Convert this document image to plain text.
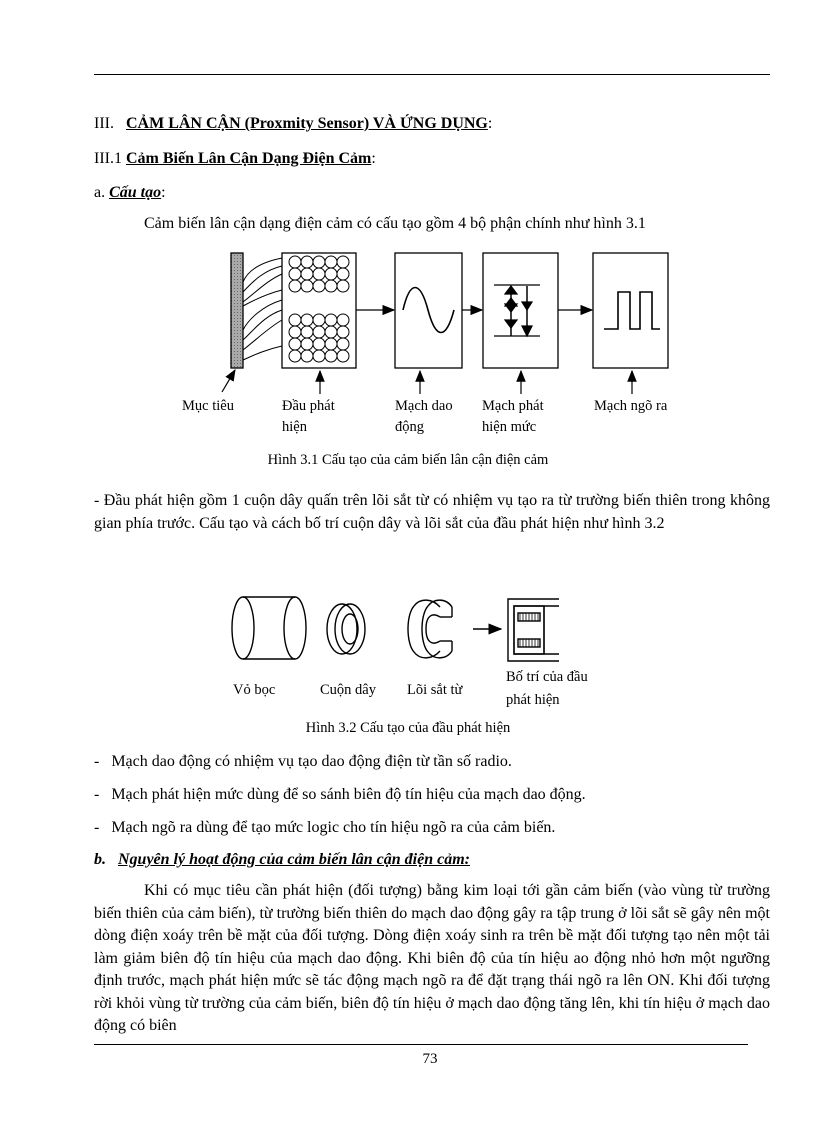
III. CẢM LÂN CẬN (Proxmity Sensor) VÀ ỨNG DỤNG:

III.1 Cảm Biến Lân Cận Dạng Điện Cảm:

a. Cấu tạo:

Cảm biến lân cận dạng điện cảm có cấu tạo gồm 4 bộ phận chính như hình 3.1

Mục tiêu	Đầu phát
hiện
Mạch dao
động
Mạch phát
hiện mức
Mạch ngõ ra
Hình 3.1 Cấu tạo của cảm biến lân cận điện cảm

- Đầu phát hiện gồm 1 cuộn dây quấn trên lõi sắt từ có nhiệm vụ tạo ra từ trường biến thiên trong không gian phía trước. Cấu tạo và cách bố trí cuộn dây và lõi sắt của đầu phát hiện như hình 3.2

Vỏ bọc	Cuộn dây Lõi sắt từ
Bố trí của đầu
phát hiện
Hình 3.2 Cấu tạo của đầu phát hiện

- Mạch dao động có nhiệm vụ tạo dao động điện từ tần số radio.

- Mạch phát hiện mức dùng để so sánh biên độ tín hiệu của mạch dao động.

- Mạch ngõ ra dùng để tạo mức logic cho tín hiệu ngõ ra của cảm biến.

b. Nguyên lý hoạt động của cảm biến lân cận điện cảm:

Khi có mục tiêu cần phát hiện (đối tượng) bằng kim loại tới gần cảm biến (vào vùng từ trường biến thiên của cảm biến), từ trường biến thiên do mạch dao động gây ra tập trung ở lõi sắt sẽ gây nên một dòng điện xoáy trên bề mặt của đối tượng. Dòng điện xoáy sinh ra trên bề mặt đối tượng tạo nên một tải làm giảm biên độ tín hiệu của mạch dao động. Khi biên độ của tín hiệu ao động nhỏ hơn một ngưỡng định trước, mạch phát hiện mức sẽ tác động mạch ngõ ra để đặt trạng thái ngõ ra lên ON. Khi đối tượng rời khỏi vùng từ trường của cảm biến, biên độ tín hiệu ở mạch dao động tăng lên, khi tín hiệu ở mạch dao động có biên

73
